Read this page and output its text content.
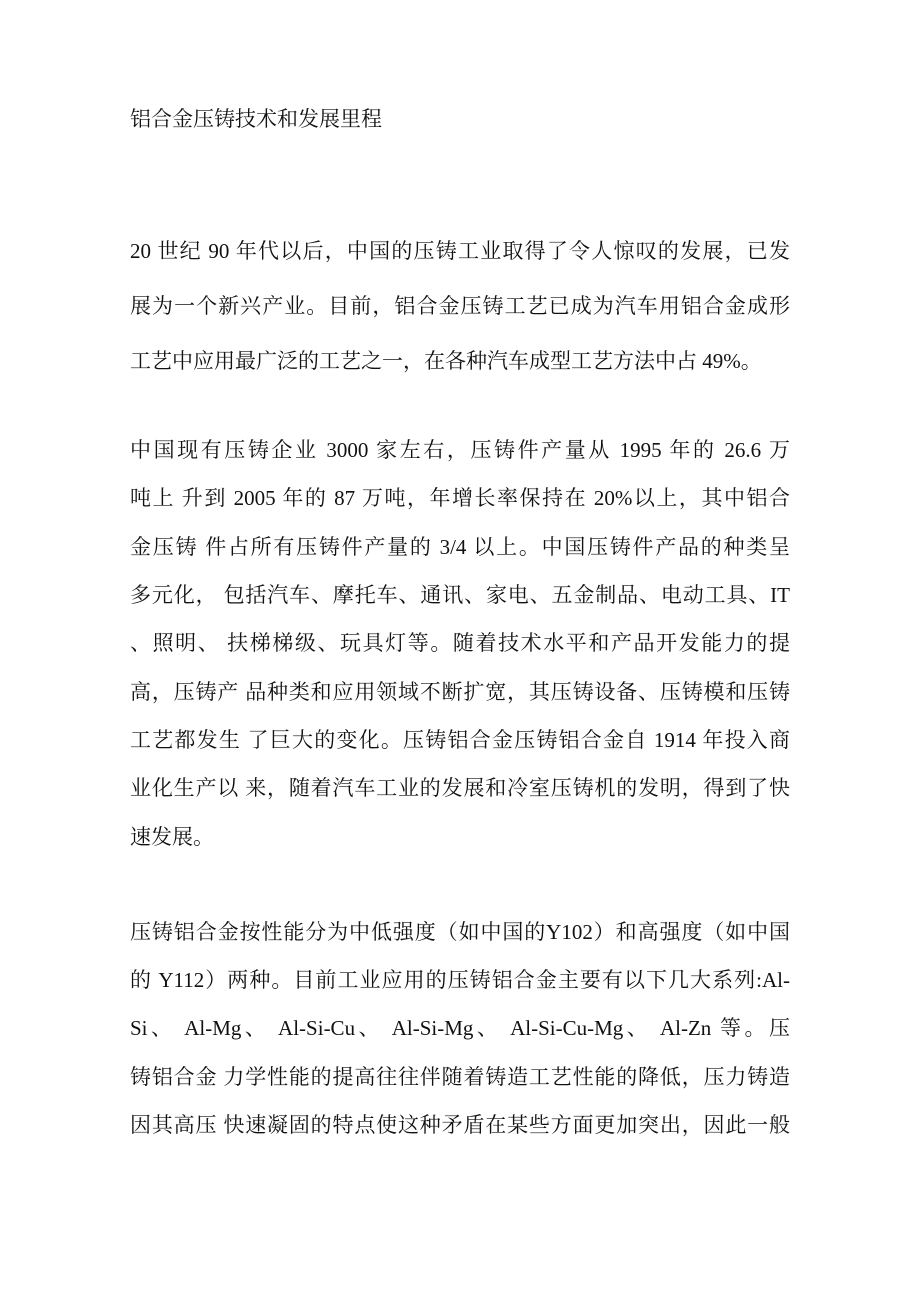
铝合金压铸技术和发展里程
20 世纪 90 年代以后，中国的压铸工业取得了令人惊叹的发展，已发
展为一个新兴产业。目前，铝合金压铸工艺已成为汽车用铝合金成形
工艺中应用最广泛的工艺之一，在各种汽车成型工艺方法中占 49%。
中国现有压铸企业 3000 家左右，压铸件产量从 1995 年的 26.6 万
吨上 升到 2005 年的 87 万吨，年增长率保持在 20%以上，其中铝合
金压铸 件占所有压铸件产量的 3/4 以上。中国压铸件产品的种类呈
多元化， 包括汽车、摩托车、通讯、家电、五金制品、电动工具、IT
、照明、 扶梯梯级、玩具灯等。随着技术水平和产品开发能力的提
高，压铸产 品种类和应用领域不断扩宽，其压铸设备、压铸模和压铸
工艺都发生 了巨大的变化。压铸铝合金压铸铝合金自 1914 年投入商
业化生产以 来，随着汽车工业的发展和冷室压铸机的发明，得到了快
速发展。
压铸铝合金按性能分为中低强度（如中国的Y102）和高强度（如中国
的 Y112）两种。目前工业应用的压铸铝合金主要有以下几大系列:Al-
Si、 Al-Mg、 Al-Si-Cu、 Al-Si-Mg、 Al-Si-Cu-Mg、 Al-Zn 等。压
铸铝合金 力学性能的提高往往伴随着铸造工艺性能的降低，压力铸造
因其高压 快速凝固的特点使这种矛盾在某些方面更加突出，因此一般
